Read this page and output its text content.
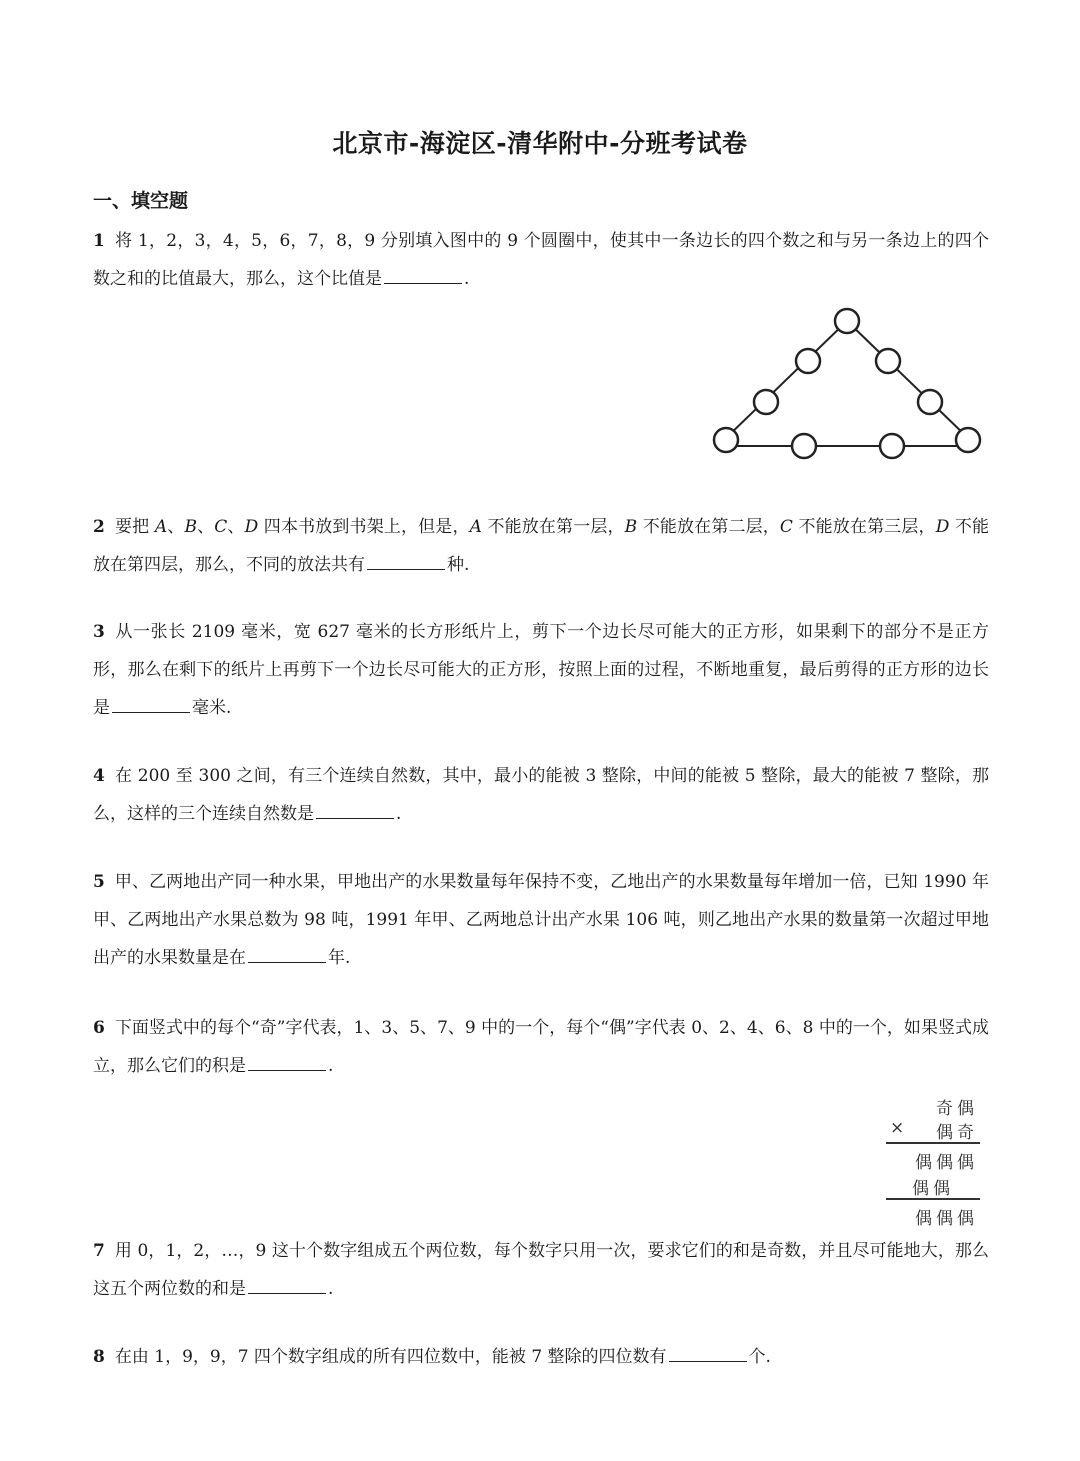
北京市-海淀区-清华附中-分班考试卷
一、填空题
1 将 1，2，3，4，5，6，7，8，9 分别填入图中的 9 个圆圈中，使其中一条边长的四个数之和与另一条边上的四个数之和的比值最大，那么，这个比值是	.
2 要把 A、B、C、D 四本书放到书架上，但是，A 不能放在第一层，B 不能放在第二层，C 不能放在第三层，D 不能放在第四层，那么，不同的放法共有	种.
3 从一张长 2109 毫米，宽 627 毫米的长方形纸片上，剪下一个边长尽可能大的正方形，如果剩下的部分不是正方形，那么在剩下的纸片上再剪下一个边长尽可能大的正方形，按照上面的过程，不断地重复，最后剪得的正方形的边长是	毫米.
4 在 200 至 300 之间，有三个连续自然数，其中，最小的能被 3 整除，中间的能被 5 整除，最大的能被 7 整除，那么，这样的三个连续自然数是	.
5 甲、乙两地出产同一种水果，甲地出产的水果数量每年保持不变，乙地出产的水果数量每年增加一倍，已知 1990 年甲、乙两地出产水果总数为 98 吨，1991 年甲、乙两地总计出产水果 106 吨，则乙地出产水果的数量第一次超过甲地出产的水果数量是在	年.
6 下面竖式中的每个“奇”字代表，1、3、5、7、9 中的一个，每个“偶”字代表 0、2、4、6、8 中的一个，如果竖式成立，那么它们的积是	.
奇偶
× 偶奇
偶偶偶
偶偶
偶偶偶
7 用 0，1，2，…，9 这十个数字组成五个两位数，每个数字只用一次，要求它们的和是奇数，并且尽可能地大，那么这五个两位数的和是	.
8 在由 1，9，9，7 四个数字组成的所有四位数中，能被 7 整除的四位数有	个.
